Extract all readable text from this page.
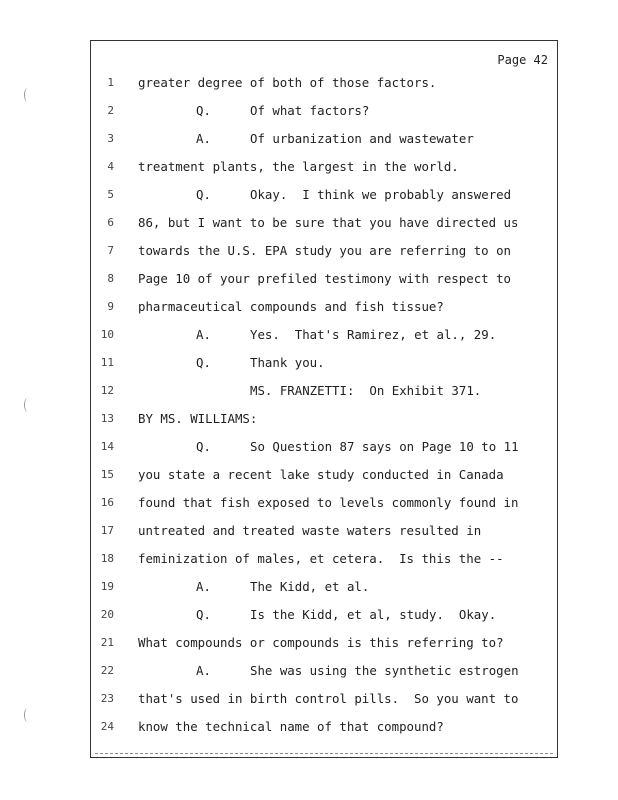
Page 42
1 greater degree of both of those factors.
2	Q.	Of what factors?
3	A.	Of urbanization and wastewater
4 treatment plants, the largest in the world.
5	Q.	Okay.  I think we probably answered
6 86, but I want to be sure that you have directed us
7 towards the U.S. EPA study you are referring to on
8 Page 10 of your prefiled testimony with respect to
9 pharmaceutical compounds and fish tissue?
10	A.	Yes.  That's Ramirez, et al., 29.
11	Q.	Thank you.
12	MS. FRANZETTI:  On Exhibit 371.
13 BY MS. WILLIAMS:
14	Q.	So Question 87 says on Page 10 to 11
15 you state a recent lake study conducted in Canada
16 found that fish exposed to levels commonly found in
17 untreated and treated waste waters resulted in
18 feminization of males, et cetera.  Is this the --
19	A.	The Kidd, et al.
20	Q.	Is the Kidd, et al, study.  Okay.
21 What compounds or compounds is this referring to?
22	A.	She was using the synthetic estrogen
23 that's used in birth control pills.  So you want to
24 know the technical name of that compound?
